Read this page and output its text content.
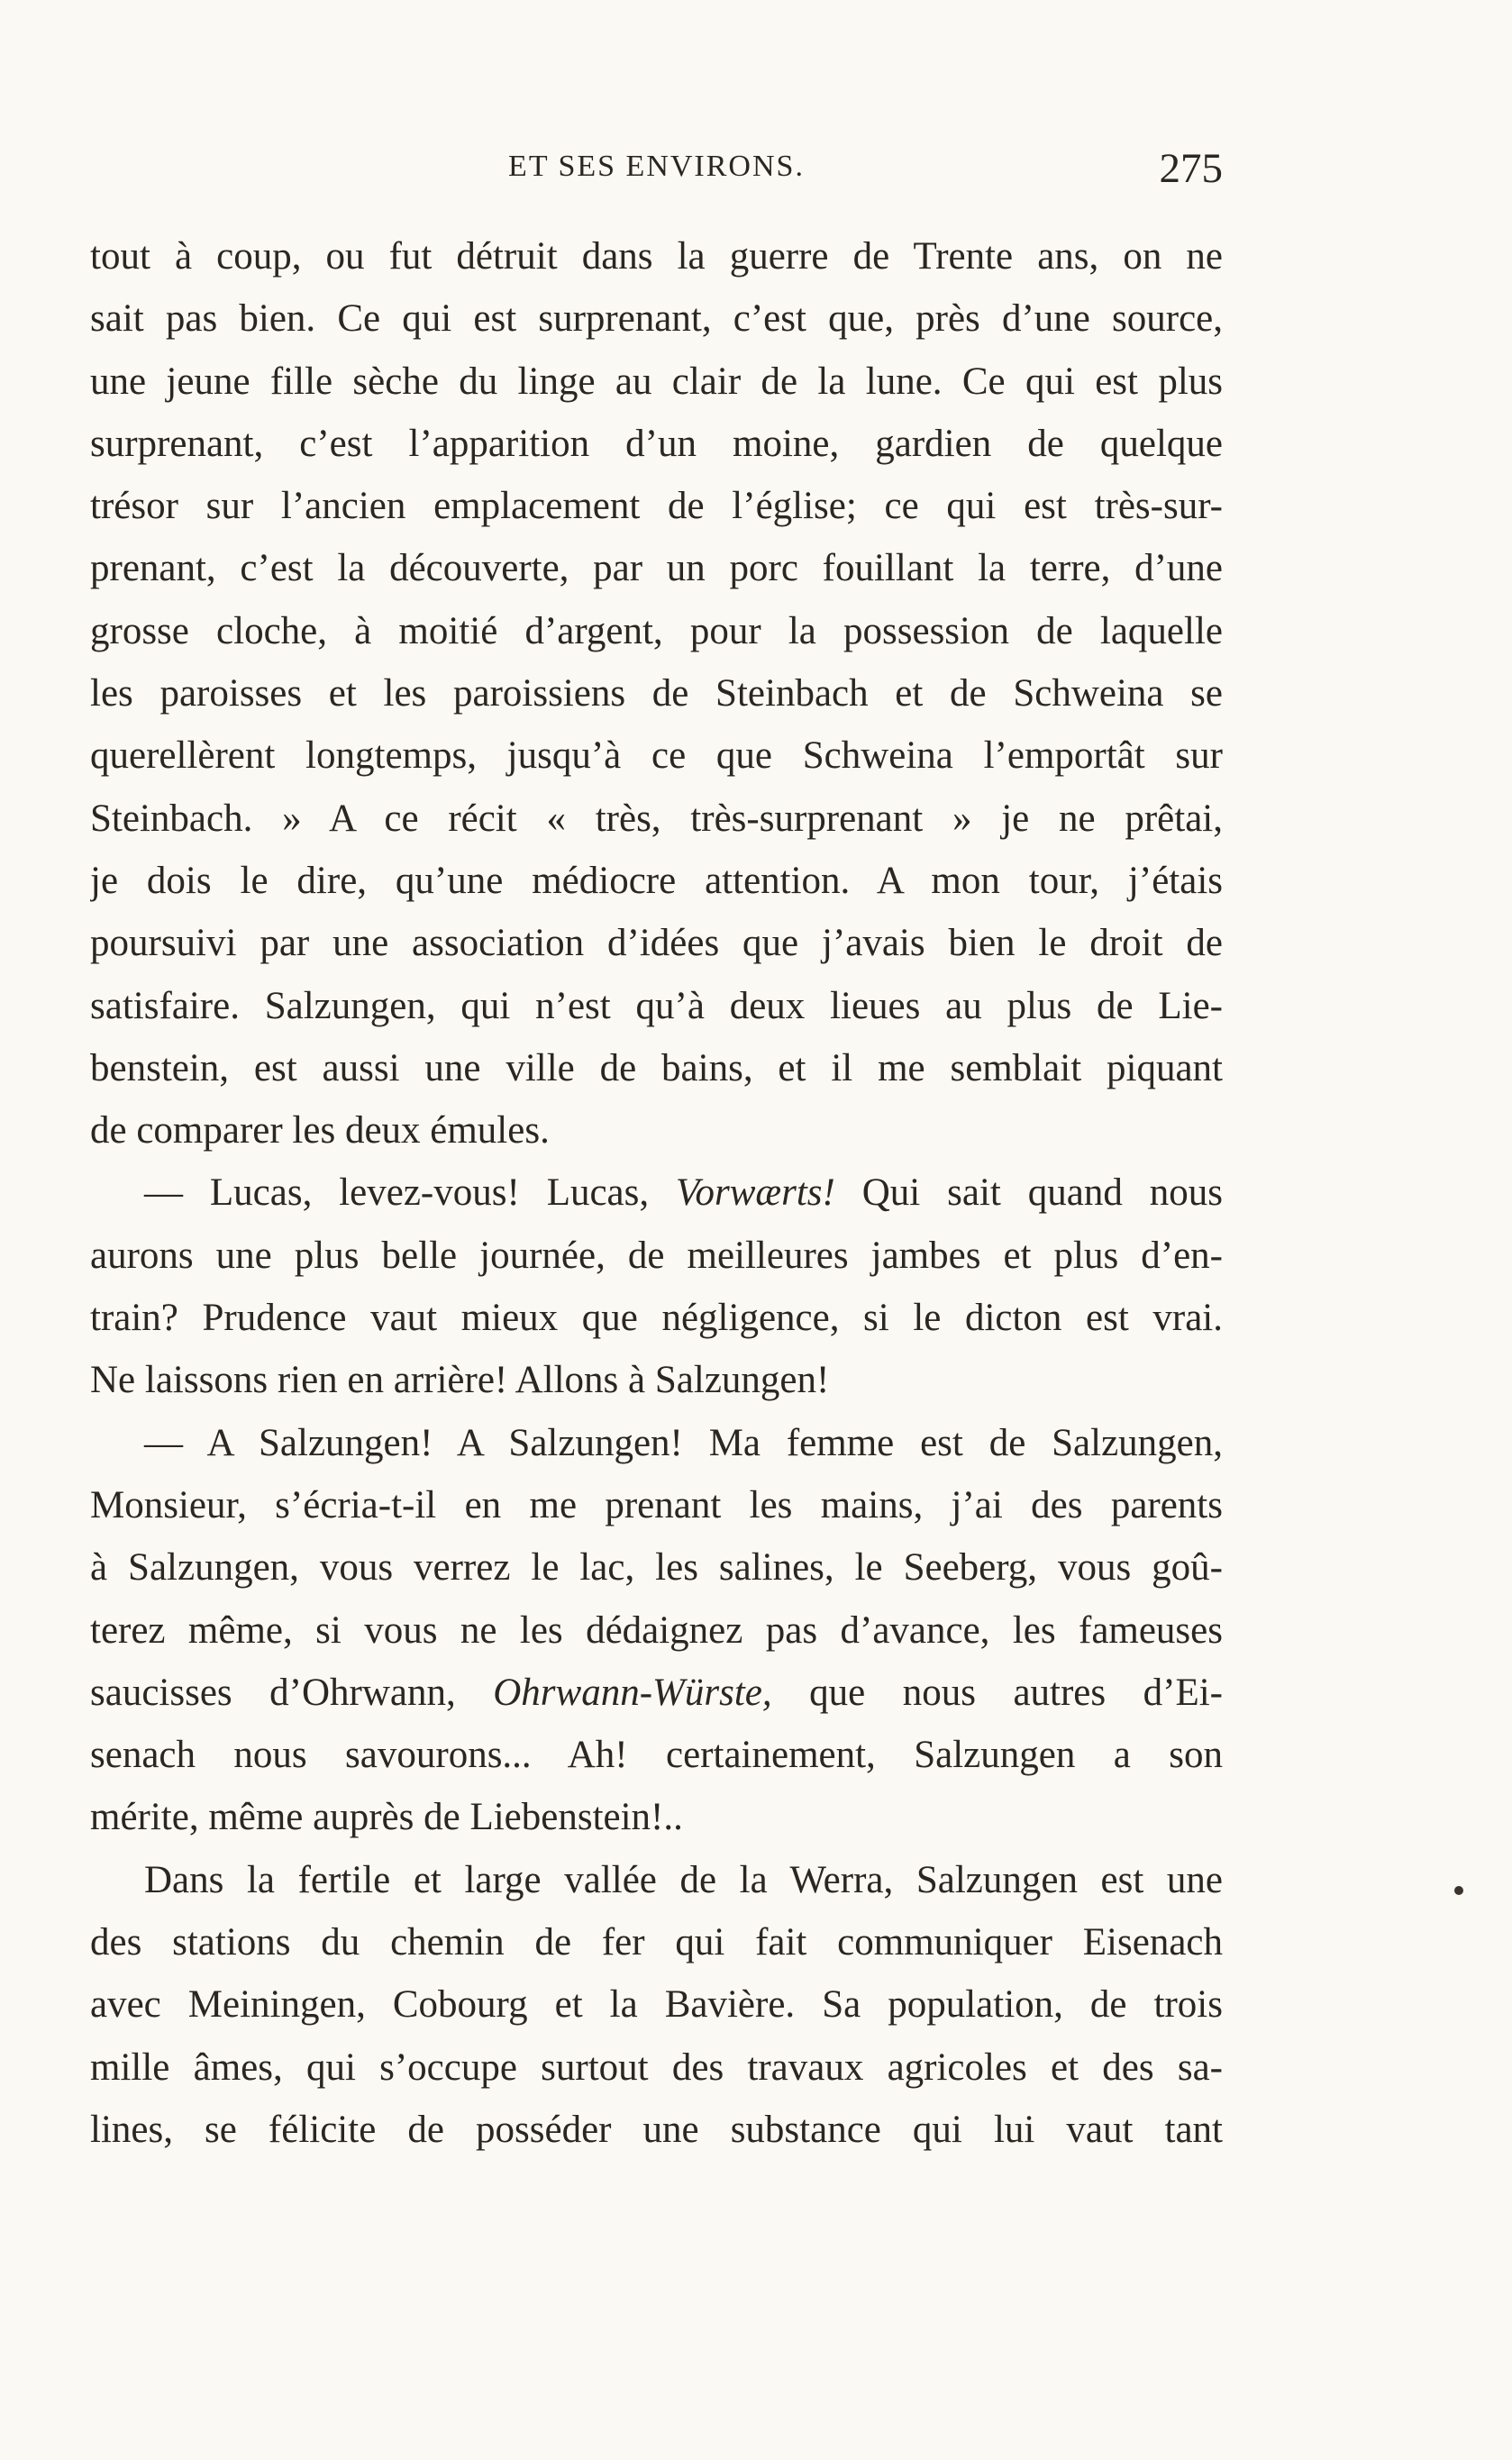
ET SES ENVIRONS.	275
tout à coup, ou fut détruit dans la guerre de Trente ans, on ne
sait pas bien. Ce qui est surprenant, c’est que, près d’une source,
une jeune fille sèche du linge au clair de la lune. Ce qui est plus
surprenant, c’est l’apparition d’un moine, gardien de quelque
trésor sur l’ancien emplacement de l’église; ce qui est très-sur-
prenant, c’est la découverte, par un porc fouillant la terre, d’une
grosse cloche, à moitié d’argent, pour la possession de laquelle
les paroisses et les paroissiens de Steinbach et de Schweina se
querellèrent longtemps, jusqu’à ce que Schweina l’emportât sur
Steinbach. » A ce récit « très, très-surprenant » je ne prêtai,
je dois le dire, qu’une médiocre attention. A mon tour, j’étais
poursuivi par une association d’idées que j’avais bien le droit de
satisfaire. Salzungen, qui n’est qu’à deux lieues au plus de Lie-
benstein, est aussi une ville de bains, et il me semblait piquant
de comparer les deux émules.
— Lucas, levez-vous! Lucas, Vorwærts! Qui sait quand nous
aurons une plus belle journée, de meilleures jambes et plus d’en-
train? Prudence vaut mieux que négligence, si le dicton est vrai.
Ne laissons rien en arrière! Allons à Salzungen!
— A Salzungen! A Salzungen! Ma femme est de Salzungen,
Monsieur, s’écria-t-il en me prenant les mains, j’ai des parents
à Salzungen, vous verrez le lac, les salines, le Seeberg, vous goû-
terez même, si vous ne les dédaignez pas d’avance, les fameuses
saucisses d’Ohrwann, Ohrwann-Würste, que nous autres d’Ei-
senach nous savourons... Ah! certainement, Salzungen a son
mérite, même auprès de Liebenstein!..
Dans la fertile et large vallée de la Werra, Salzungen est une
des stations du chemin de fer qui fait communiquer Eisenach
avec Meiningen, Cobourg et la Bavière. Sa population, de trois
mille âmes, qui s’occupe surtout des travaux agricoles et des sa-
lines, se félicite de posséder une substance qui lui vaut tant
